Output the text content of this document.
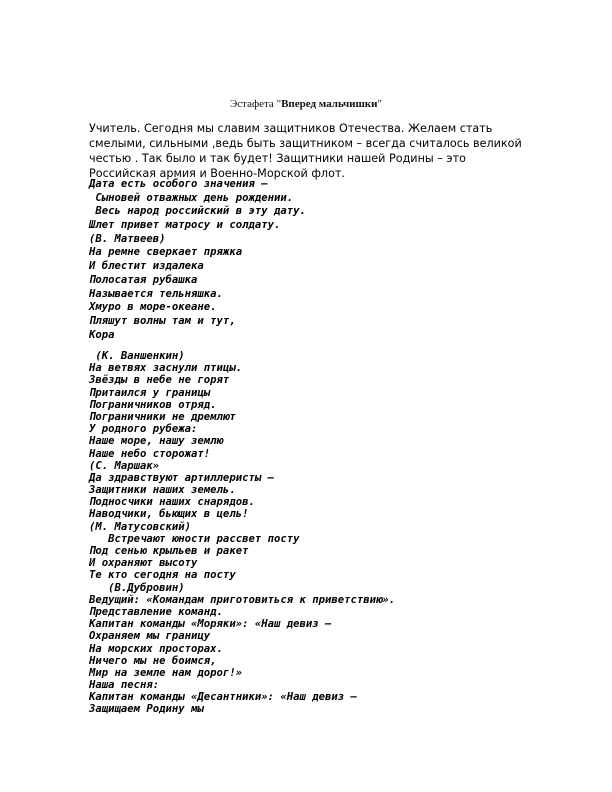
Эстафета "Вперед мальчишки"
Учитель. Сегодня мы славим защитников Отечества. Желаем стать
смелыми, сильными ,ведь быть защитником – всегда считалось великой
честью . Так было и так будет! Защитники нашей Родины – это
Российская армия и Военно-Морской флот.
Дата есть особого значения —
Сыновей отважных день рождении.
Весь народ российский в эту дату.
Шлет привет матросу и солдату.
(В. Матвеев)
На ремне сверкает пряжка
И блестит издалека
Полосатая рубашка
Называется тельняшка.
Хмуро в море-океане.
Пляшут волны там и тут,
Кора
(К. Ваншенкин)
На ветвях заснули птицы.
Звёзды в небе не горят
Притаился у границы
Пограничников отряд.
Пограничники не дремлют
У родного рубежа:
Наше море, нашу землю
Наше небо сторожат!
(С. Маршак»
Да здравствуют артиллеристы —
Защитники наших земель.
Подносчики наших снарядов.
Наводчики, бьющих в цель!
(М. Матусовский)
Встречают юности рассвет посту
Под сенью крыльев и ракет
И охраняют высоту
Те кто сегодня на посту
(В.Дубровин)
Ведущий: «Командам приготовиться к приветствию».
Представление команд.
Капитан команды «Моряки»: «Наш девиз —
Охраняем мы границу
На морских просторах.
Ничего мы не боимся,
Мир на земле нам дорог!»
Наша песня:
Капитан команды «Десантники»: «Наш девиз –
Защищаем Родину мы
